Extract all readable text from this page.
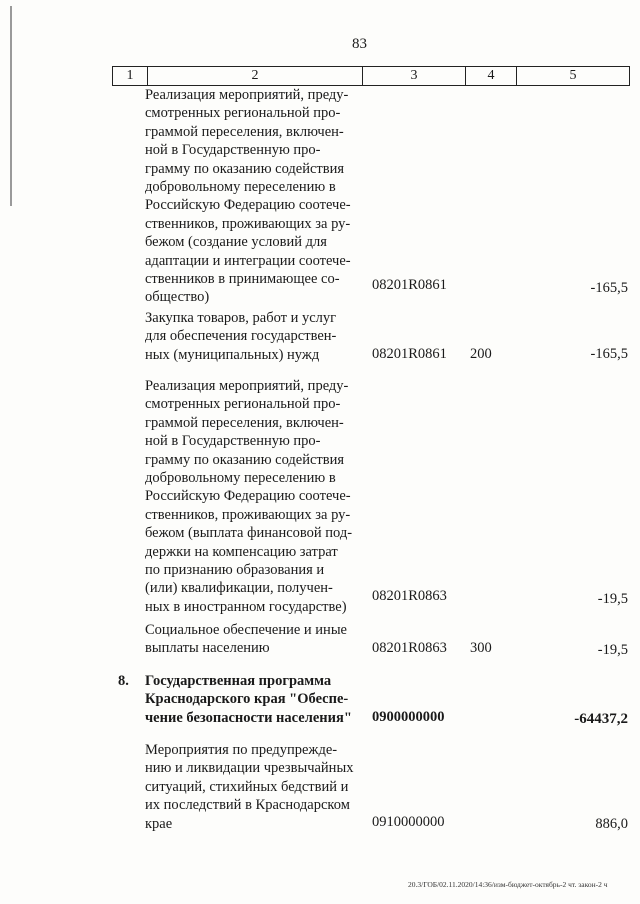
83
1	2	3	4	5
Реализация мероприятий, преду-
смотренных региональной про-
граммой переселения, включен-
ной в Государственную про-
грамму по оказанию содействия
добровольному переселению в
Российскую Федерацию соотече-
ственников, проживающих за ру-
бежом (создание условий для
адаптации и интеграции соотече-
ственников в принимающее со-
общество)
08201R0861	-165,5
Закупка товаров, работ и услуг
для обеспечения государствен-
ных (муниципальных) нужд	08201R0861 200	-165,5
Реализация мероприятий, преду-
смотренных региональной про-
граммой переселения, включен-
ной в Государственную про-
грамму по оказанию содействия
добровольному переселению в
Российскую Федерацию соотече-
ственников, проживающих за ру-
бежом (выплата финансовой под-
держки на компенсацию затрат
по признанию образования и
(или) квалификации, получен-
ных в иностранном государстве)
08201R0863	-19,5
Социальное обеспечение и иные
выплаты населению	08201R0863 300	-19,5
8. Государственная программа
Краснодарского края "Обеспе-
чение безопасности населения"	0900000000	-64437,2
Мероприятия по предупрежде-
нию и ликвидации чрезвычайных
ситуаций, стихийных бедствий и
их последствий в Краснодарском
крае	0910000000	886,0
20.3/ГОБ/02.11.2020/14:36/изм-бюджет-октябрь-2 чт. закон-2 ч
